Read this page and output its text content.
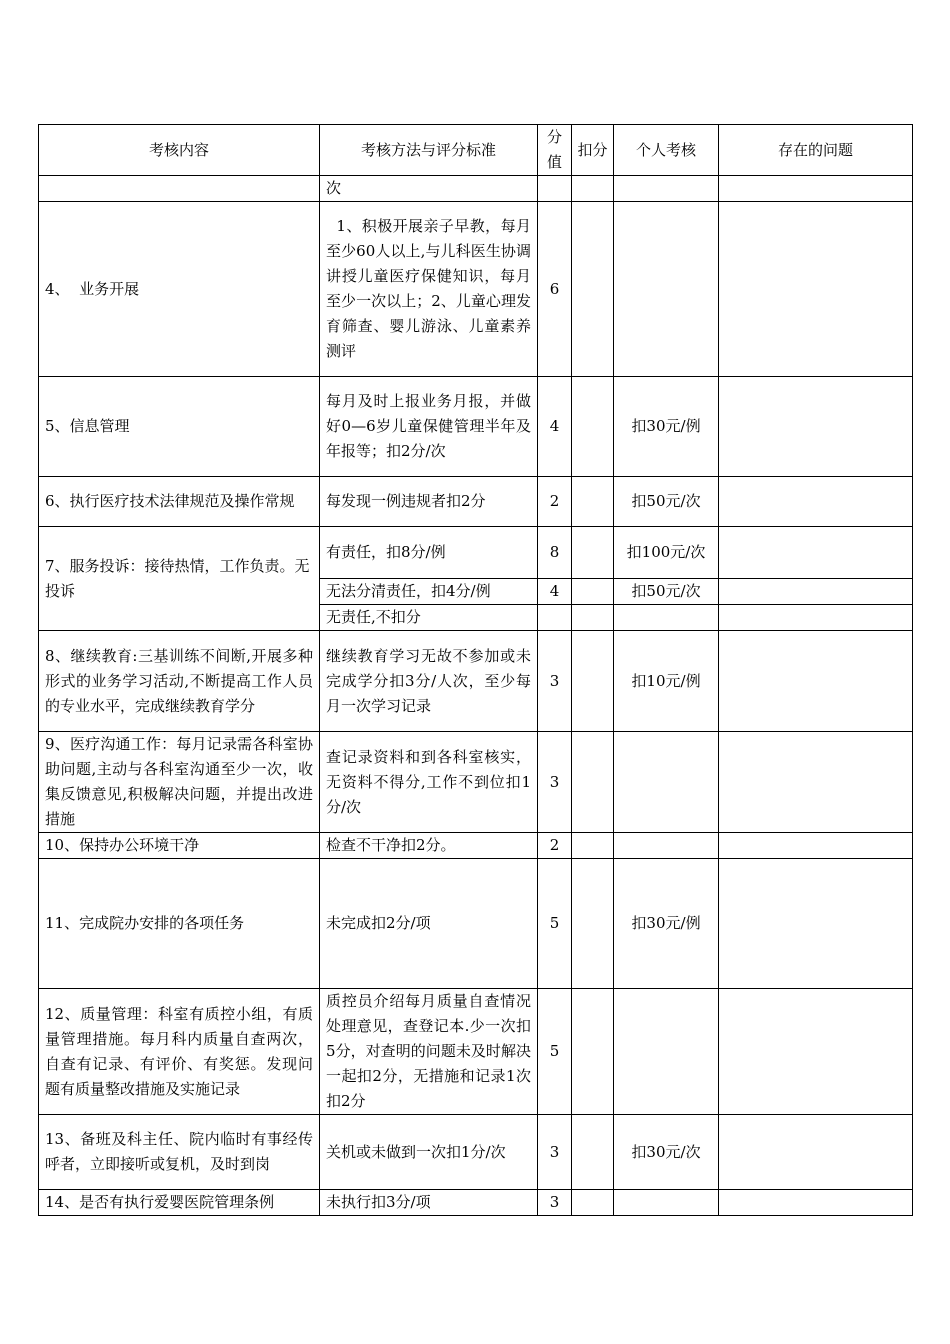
考核内容	考核方法与评分标准	分值	扣分	个人考核	存在的问题
	次				
4、  业务开展	1、积极开展亲子早教，每月至少60人以上,与儿科医生协调讲授儿童医疗保健知识，每月至少一次以上；2、儿童心理发育筛查、婴儿游泳、儿童素养测评	6			
5、信息管理	每月及时上报业务月报，并做好0—6岁儿童保健管理半年及年报等；扣2分/次	4		扣30元/例	
6、执行医疗技术法律规范及操作常规	每发现一例违规者扣2分	2		扣50元/次	
7、服务投诉：接待热情，工作负责。无投诉	有责任，扣8分/例	8		扣100元/次	
	无法分清责任，扣4分/例	4		扣50元/次	
	无责任,不扣分				
8、继续教育:三基训练不间断,开展多种形式的业务学习活动,不断提高工作人员的专业水平，完成继续教育学分	继续教育学习无故不参加或未完成学分扣3分/人次，至少每月一次学习记录	3		扣10元/例	
9、医疗沟通工作：每月记录需各科室协助问题,主动与各科室沟通至少一次，收集反馈意见,积极解决问题，并提出改进措施	查记录资料和到各科室核实，无资料不得分,工作不到位扣1分/次	3			
10、保持办公环境干净	检查不干净扣2分。	2			
11、完成院办安排的各项任务	未完成扣2分/项	5		扣30元/例	
12、质量管理：科室有质控小组，有质量管理措施。每月科内质量自查两次，自查有记录、有评价、有奖惩。发现问题有质量整改措施及实施记录	质控员介绍每月质量自查情况处理意见，查登记本.少一次扣5分，对查明的问题未及时解决一起扣2分，无措施和记录1次扣2分	5			
13、备班及科主任、院内临时有事经传呼者，立即接听或复机，及时到岗	关机或未做到一次扣1分/次	3		扣30元/次	
14、是否有执行爱婴医院管理条例	未执行扣3分/项	3			
